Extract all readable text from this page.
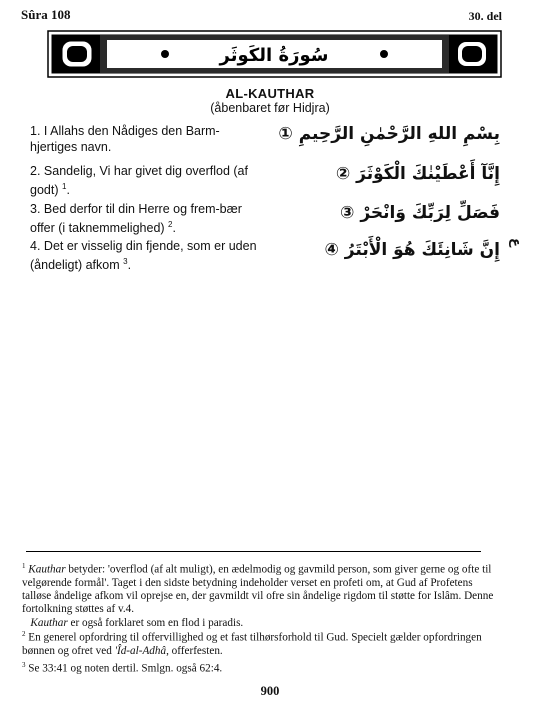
Sûra 108	30. del
سُورَةُ الكَوثَر
AL-KAUTHAR
(åbenbaret før Hidjra)
1. I Allahs den Nådiges den Barm-hjertiges navn.
بِسْمِ اللهِ الرَّحْمٰنِ الرَّحِيمِ ①
2. Sandelig, Vi har givet dig overflod (af godt) $^1$.
إِنَّآ أَعْطَيْنٰكَ الْكَوْثَرَ ②
3. Bed derfor til din Herre og frem-bær offer (i taknemmelighed) $^2$.
فَصَلِّ لِرَبِّكَ وَانْحَرْ ③
4. Det er visselig din fjende, som er uden (åndeligt) afkom $^3$.
إِنَّ شَانِئَكَ هُوَ الْأَبْتَرُ ④ ع
$^1$ Kauthar betyder: 'overflod (af alt muligt), en ædelmodig og gavmild person, som giver gerne og ofte til velgørende formål'. Taget i den sidste betydning indeholder verset en profeti om, at Gud af Profetens talløse åndelige afkom vil oprejse en, der gavmildt vil ofre sin åndelige rigdom til støtte for Islâm. Denne fortolkning støttes af v.4.
Kauthar er også forklaret som en flod i paradis.
$^2$ En generel opfordring til offervillighed og et fast tilhørsforhold til Gud. Specielt gælder opfordringen bønnen og ofret ved 'Îd-al-Adhâ, offerfesten.
$^3$ Se 33:41 og noten dertil. Smlgn. også 62:4.
900
